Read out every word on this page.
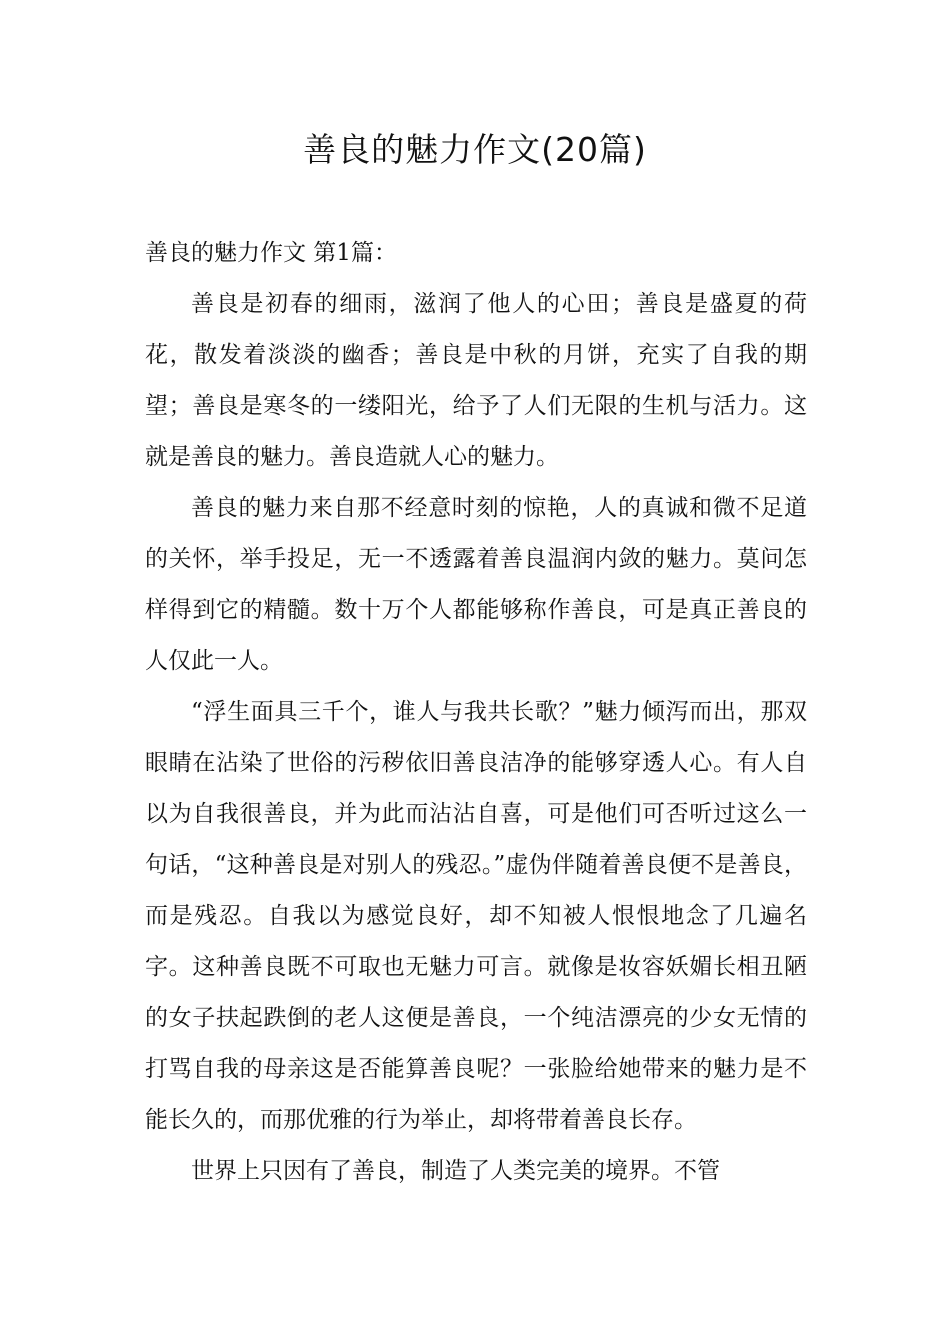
善良的魅力作文(20篇)

善良的魅力作文 第1篇：

善良是初春的细雨，滋润了他人的心田；善良是盛夏的荷花，散发着淡淡的幽香；善良是中秋的月饼，充实了自我的期望；善良是寒冬的一缕阳光，给予了人们无限的生机与活力。这就是善良的魅力。善良造就人心的魅力。

善良的魅力来自那不经意时刻的惊艳，人的真诚和微不足道的关怀，举手投足，无一不透露着善良温润内敛的魅力。莫问怎样得到它的精髓。数十万个人都能够称作善良，可是真正善良的人仅此一人。

“浮生面具三千个，谁人与我共长歌？”魅力倾泻而出，那双眼睛在沾染了世俗的污秽依旧善良洁净的能够穿透人心。有人自以为自我很善良，并为此而沾沾自喜，可是他们可否听过这么一句话，“这种善良是对别人的残忍。”虚伪伴随着善良便不是善良，而是残忍。自我以为感觉良好，却不知被人恨恨地念了几遍名字。这种善良既不可取也无魅力可言。就像是妆容妖媚长相丑陋的女子扶起跌倒的老人这便是善良，一个纯洁漂亮的少女无情的打骂自我的母亲这是否能算善良呢？一张脸给她带来的魅力是不能长久的，而那优雅的行为举止，却将带着善良长存。

世界上只因有了善良，制造了人类完美的境界。不管
